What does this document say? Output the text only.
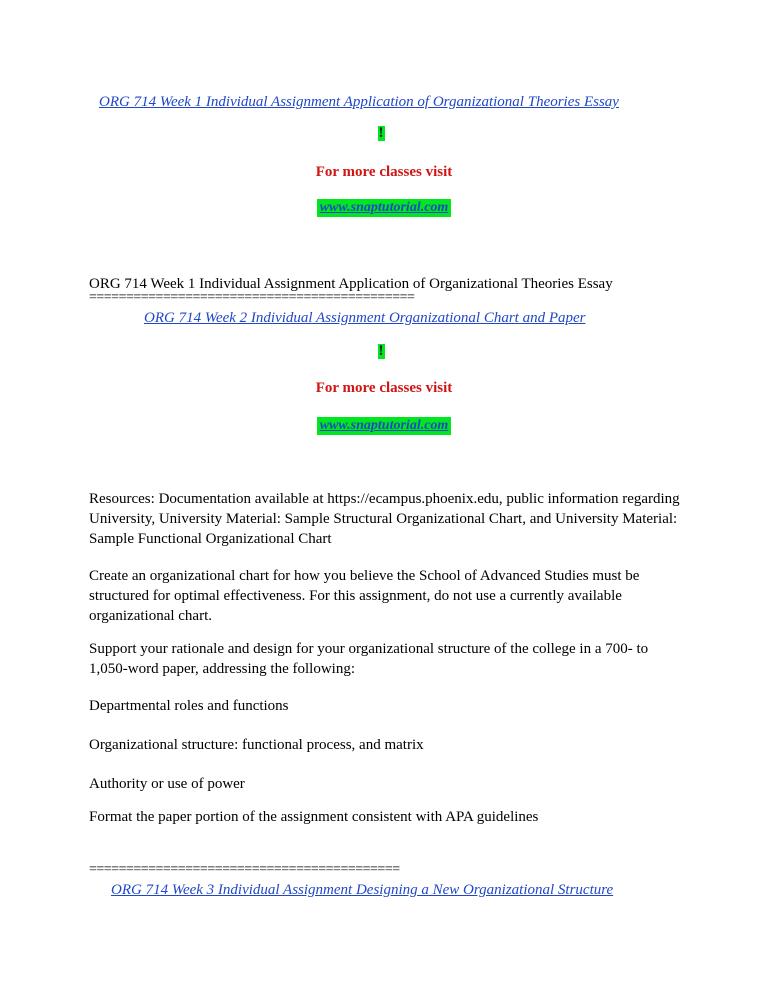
ORG 714 Week 1 Individual Assignment Application of Organizational Theories Essay
!
For more classes visit
www.snaptutorial.com
ORG 714 Week 1 Individual Assignment Application of Organizational Theories Essay
============================================
ORG 714 Week 2 Individual Assignment Organizational Chart and Paper
!
For more classes visit
www.snaptutorial.com
Resources: Documentation available at https://ecampus.phoenix.edu, public information regarding University, University Material: Sample Structural Organizational Chart, and University Material: Sample Functional Organizational Chart
Create an organizational chart for how you believe the School of Advanced Studies must be structured for optimal effectiveness. For this assignment, do not use a currently available organizational chart.
Support your rationale and design for your organizational structure of the college in a 700- to 1,050-word paper, addressing the following:
Departmental roles and functions
Organizational structure: functional process, and matrix
Authority or use of power
Format the paper portion of the assignment consistent with APA guidelines
==========================================
ORG 714 Week 3 Individual Assignment Designing a New Organizational Structure
